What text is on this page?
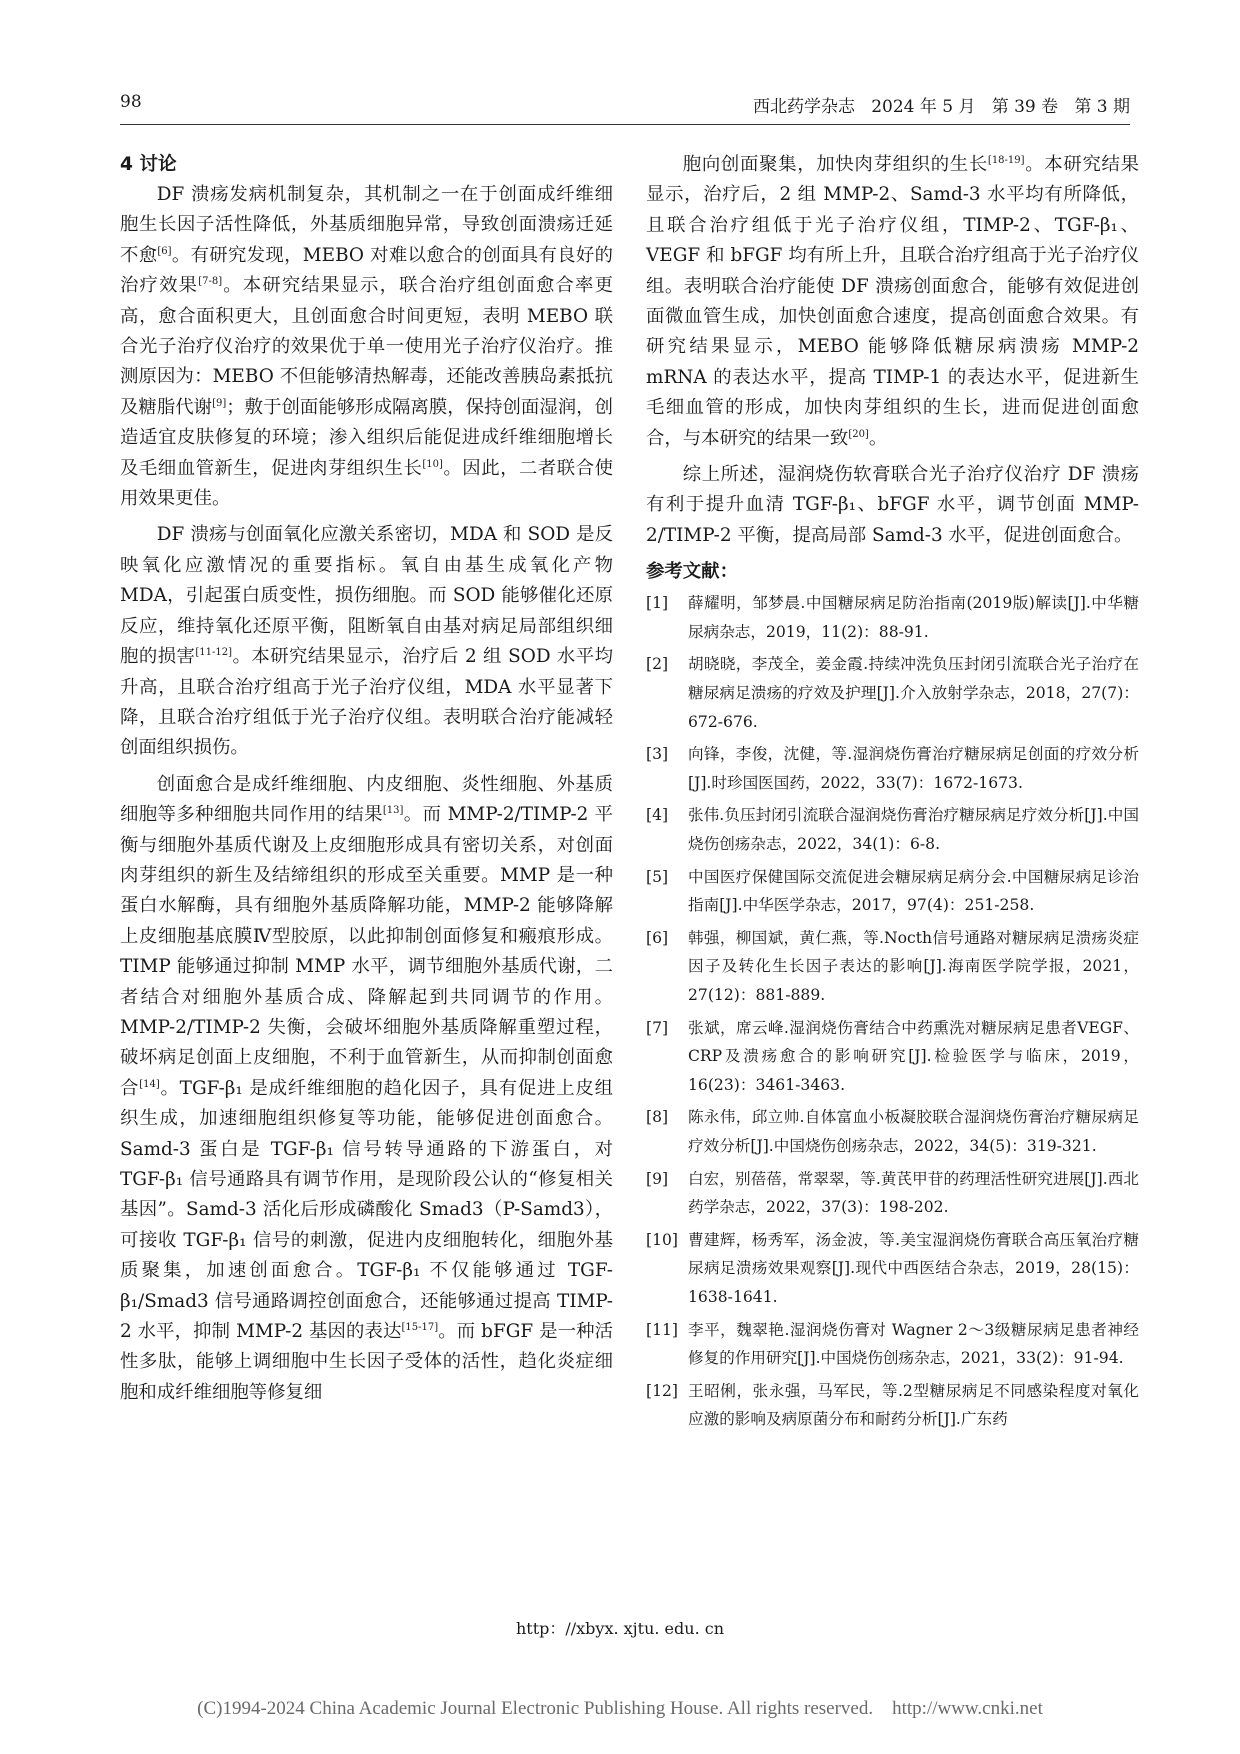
98	西北药学杂志   2024 年 5 月   第 39 卷   第 3 期

4 讨论

DF 溃疡发病机制复杂，其机制之一在于创面成纤维细胞生长因子活性降低，外基质细胞异常，导致创面溃疡迁延不愈[6]。有研究发现，MEBO 对难以愈合的创面具有良好的治疗效果[7-8]。本研究结果显示，联合治疗组创面愈合率更高，愈合面积更大，且创面愈合时间更短，表明 MEBO 联合光子治疗仪治疗的效果优于单一使用光子治疗仪治疗。推测原因为：MEBO 不但能够清热解毒，还能改善胰岛素抵抗及糖脂代谢[9]；敷于创面能够形成隔离膜，保持创面湿润，创造适宜皮肤修复的环境；渗入组织后能促进成纤维细胞增长及毛细血管新生，促进肉芽组织生长[10]。因此，二者联合使用效果更佳。

DF 溃疡与创面氧化应激关系密切，MDA 和 SOD 是反映氧化应激情况的重要指标。氧自由基生成氧化产物 MDA，引起蛋白质变性，损伤细胞。而 SOD 能够催化还原反应，维持氧化还原平衡，阻断氧自由基对病足局部组织细胞的损害[11-12]。本研究结果显示，治疗后 2 组 SOD 水平均升高，且联合治疗组高于光子治疗仪组，MDA 水平显著下降，且联合治疗组低于光子治疗仪组。表明联合治疗能减轻创面组织损伤。

创面愈合是成纤维细胞、内皮细胞、炎性细胞、外基质细胞等多种细胞共同作用的结果[13]。而 MMP-2/TIMP-2 平衡与细胞外基质代谢及上皮细胞形成具有密切关系，对创面肉芽组织的新生及结缔组织的形成至关重要。MMP 是一种蛋白水解酶，具有细胞外基质降解功能，MMP-2 能够降解上皮细胞基底膜Ⅳ型胶原，以此抑制创面修复和瘢痕形成。TIMP 能够通过抑制 MMP 水平，调节细胞外基质代谢，二者结合对细胞外基质合成、降解起到共同调节的作用。MMP-2/TIMP-2 失衡，会破坏细胞外基质降解重塑过程，破坏病足创面上皮细胞，不利于血管新生，从而抑制创面愈合[14]。TGF-β₁ 是成纤维细胞的趋化因子，具有促进上皮组织生成，加速细胞组织修复等功能，能够促进创面愈合。Samd-3 蛋白是 TGF-β₁ 信号转导通路的下游蛋白，对 TGF-β₁ 信号通路具有调节作用，是现阶段公认的“修复相关基因”。Samd-3 活化后形成磷酸化 Smad3（P-Samd3），可接收 TGF-β₁ 信号的刺激，促进内皮细胞转化，细胞外基质聚集，加速创面愈合。TGF-β₁ 不仅能够通过 TGF-β₁/Smad3 信号通路调控创面愈合，还能够通过提高 TIMP-2 水平，抑制 MMP-2 基因的表达[15-17]。而 bFGF 是一种活性多肽，能够上调细胞中生长因子受体的活性，趋化炎症细胞和成纤维细胞等修复细

胞向创面聚集，加快肉芽组织的生长[18-19]。本研究结果显示，治疗后，2 组 MMP-2、Samd-3 水平均有所降低，且联合治疗组低于光子治疗仪组，TIMP-2、TGF-β₁、VEGF 和 bFGF 均有所上升，且联合治疗组高于光子治疗仪组。表明联合治疗能使 DF 溃疡创面愈合，能够有效促进创面微血管生成，加快创面愈合速度，提高创面愈合效果。有研究结果显示，MEBO 能够降低糖尿病溃疡 MMP-2 mRNA 的表达水平，提高 TIMP-1 的表达水平，促进新生毛细血管的形成，加快肉芽组织的生长，进而促进创面愈合，与本研究的结果一致[20]。

综上所述，湿润烧伤软膏联合光子治疗仪治疗 DF 溃疡有利于提升血清 TGF-β₁、bFGF 水平，调节创面 MMP-2/TIMP-2 平衡，提高局部 Samd-3 水平，促进创面愈合。

参考文献：

[1]	薛耀明，邹梦晨.中国糖尿病足防治指南(2019版)解读[J].中华糖尿病杂志，2019，11(2)：88-91.
[2]	胡晓晓，李茂全，姜金霞.持续冲洗负压封闭引流联合光子治疗在糖尿病足溃疡的疗效及护理[J].介入放射学杂志，2018，27(7)：672-676.
[3]	向锋，李俊，沈健，等.湿润烧伤膏治疗糖尿病足创面的疗效分析[J].时珍国医国药，2022，33(7)：1672-1673.
[4]	张伟.负压封闭引流联合湿润烧伤膏治疗糖尿病足疗效分析[J].中国烧伤创疡杂志，2022，34(1)：6-8.
[5]	中国医疗保健国际交流促进会糖尿病足病分会.中国糖尿病足诊治指南[J].中华医学杂志，2017，97(4)：251-258.
[6]	韩强，柳国斌，黄仁燕，等.Nocth信号通路对糖尿病足溃疡炎症因子及转化生长因子表达的影响[J].海南医学院学报，2021，27(12)：881-889.
[7]	张斌，席云峰.湿润烧伤膏结合中药熏洗对糖尿病足患者VEGF、CRP及溃疡愈合的影响研究[J].检验医学与临床，2019，16(23)：3461-3463.
[8]	陈永伟，邱立帅.自体富血小板凝胶联合湿润烧伤膏治疗糖尿病足疗效分析[J].中国烧伤创疡杂志，2022，34(5)：319-321.
[9]	白宏，别蓓蓓，常翠翠，等.黄芪甲苷的药理活性研究进展[J].西北药学杂志，2022，37(3)：198-202.
[10] 曹建辉，杨秀军，汤金波，等.美宝湿润烧伤膏联合高压氧治疗糖尿病足溃疡效果观察[J].现代中西医结合杂志，2019，28(15)：1638-1641.
[11] 李平，魏翠艳.湿润烧伤膏对 Wagner 2～3级糖尿病足患者神经修复的作用研究[J].中国烧伤创疡杂志，2021，33(2)：91-94.
[12] 王昭俐，张永强，马军民，等.2型糖尿病足不同感染程度对氧化应激的影响及病原菌分布和耐药分析[J].广东药
http：//xbyx. xjtu. edu. cn
(C)1994-2024 China Academic Journal Electronic Publishing House. All rights reserved.    http://www.cnki.net
